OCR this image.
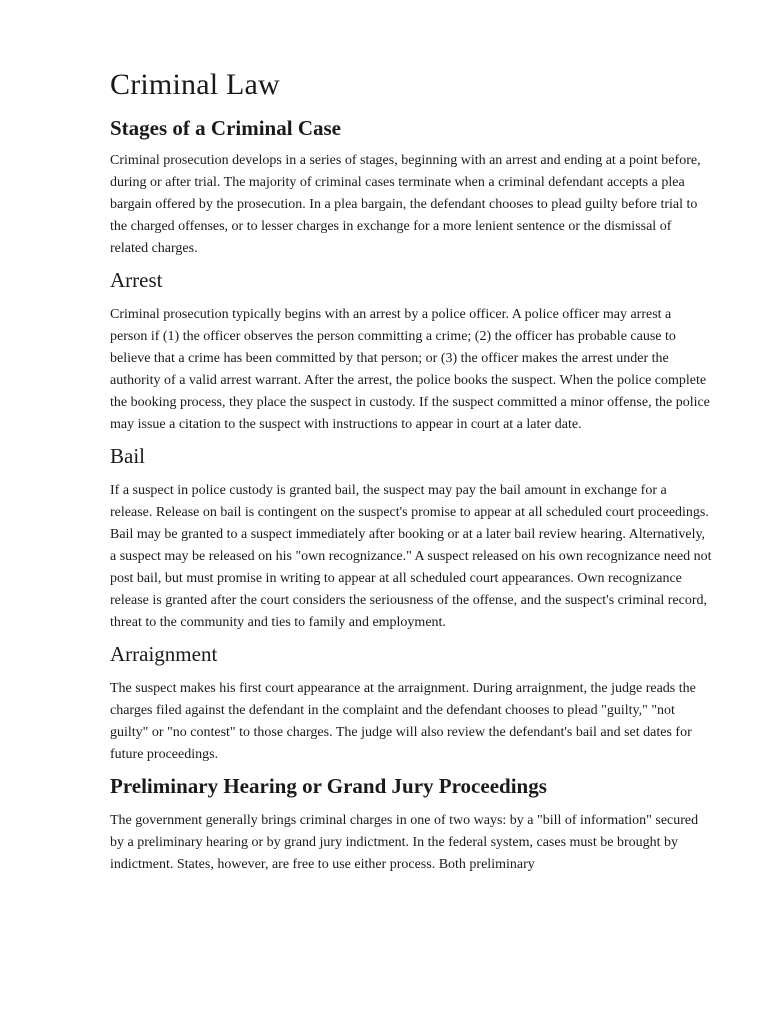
Criminal Law
Stages of a Criminal Case

Criminal prosecution develops in a series of stages, beginning with an arrest and ending at a point before, during or after trial. The majority of criminal cases terminate when a criminal defendant accepts a plea bargain offered by the prosecution. In a plea bargain, the defendant chooses to plead guilty before trial to the charged offenses, or to lesser charges in exchange for a more lenient sentence or the dismissal of related charges.

Arrest

Criminal prosecution typically begins with an arrest by a police officer. A police officer may arrest a person if (1) the officer observes the person committing a crime; (2) the officer has probable cause to believe that a crime has been committed by that person; or (3) the officer makes the arrest under the authority of a valid arrest warrant. After the arrest, the police books the suspect. When the police complete the booking process, they place the suspect in custody. If the suspect committed a minor offense, the police may issue a citation to the suspect with instructions to appear in court at a later date.

Bail

If a suspect in police custody is granted bail, the suspect may pay the bail amount in exchange for a release. Release on bail is contingent on the suspect's promise to appear at all scheduled court proceedings. Bail may be granted to a suspect immediately after booking or at a later bail review hearing. Alternatively, a suspect may be released on his "own recognizance." A suspect released on his own recognizance need not post bail, but must promise in writing to appear at all scheduled court appearances. Own recognizance release is granted after the court considers the seriousness of the offense, and the suspect's criminal record, threat to the community and ties to family and employment.

Arraignment

The suspect makes his first court appearance at the arraignment. During arraignment, the judge reads the charges filed against the defendant in the complaint and the defendant chooses to plead "guilty," "not guilty" or "no contest" to those charges. The judge will also review the defendant's bail and set dates for future proceedings.

Preliminary Hearing or Grand Jury Proceedings

The government generally brings criminal charges in one of two ways: by a "bill of information" secured by a preliminary hearing or by grand jury indictment. In the federal system, cases must be brought by indictment. States, however, are free to use either process. Both preliminary
